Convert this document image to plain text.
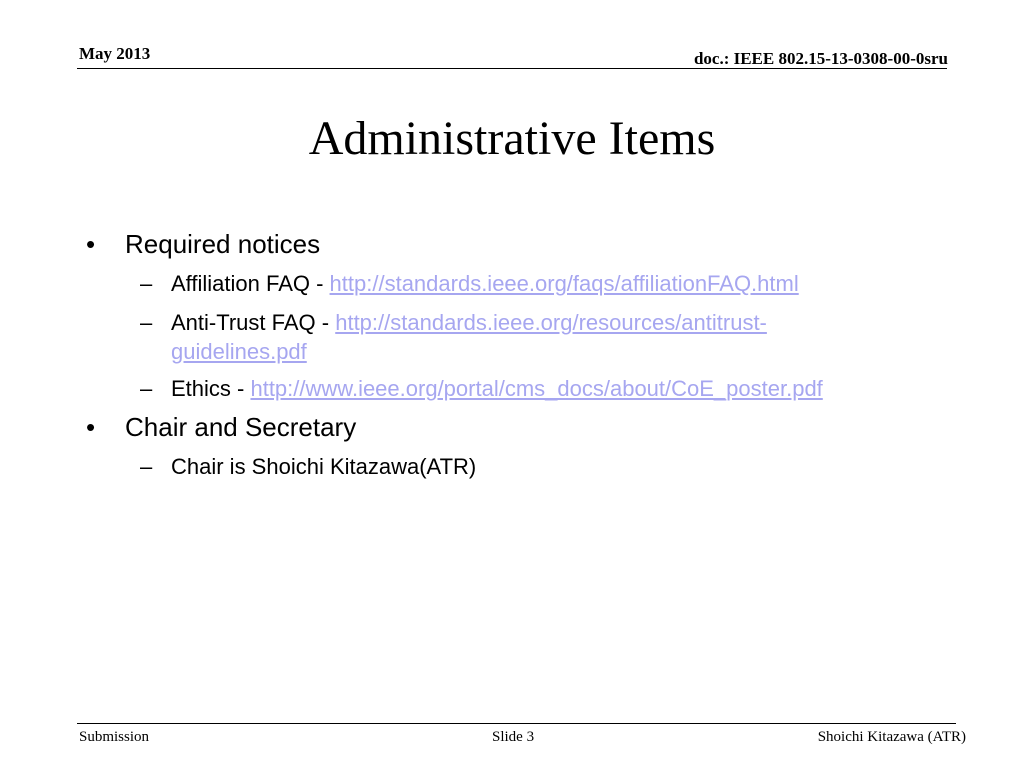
May 2013	doc.: IEEE 802.15-13-0308-00-0sru
Administrative Items
• Required notices
– Affiliation FAQ - http://standards.ieee.org/faqs/affiliationFAQ.html
– Anti-Trust FAQ - http://standards.ieee.org/resources/antitrust-
guidelines.pdf
– Ethics - http://www.ieee.org/portal/cms_docs/about/CoE_poster.pdf
• Chair and Secretary
– Chair is Shoichi Kitazawa(ATR)
Submission	Slide 3	Shoichi Kitazawa (ATR)
